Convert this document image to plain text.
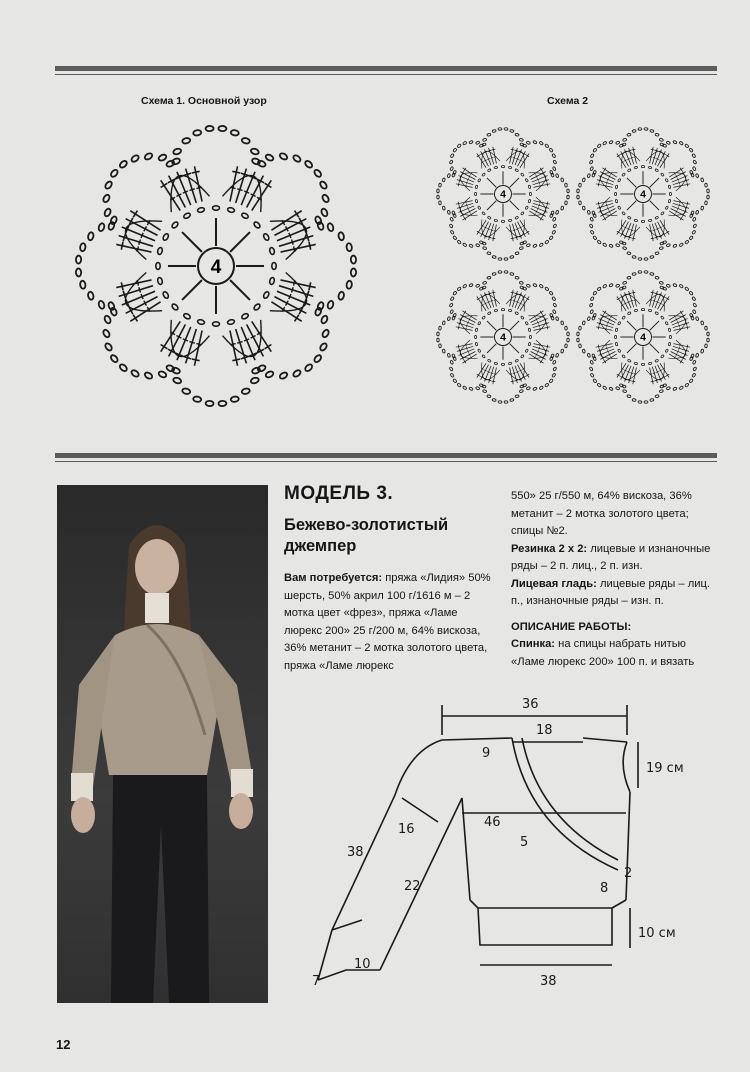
Схема 1. Основной узор	Схема 2
4
4	4
4	4
МОДЕЛЬ 3.
Бежево-золотистый джемпер

Вам потребуется: пряжа «Лидия» 50% шерсть, 50% акрил 100 г/1616 м – 2 мотка цвет «фрез», пряжа «Ламе люрекс 200» 25 г/200 м, 64% вискоза, 36% метанит – 2 мотка золотого цвета, пряжа «Ламе люрекс

550» 25 г/550 м, 64% вискоза, 36% метанит – 2 мотка золотого цвета; спицы №2.

Резинка 2 х 2: лицевые и изнаночные ряды – 2 п. лиц., 2 п. изн.

Лицевая гладь: лицевые ряды – лиц. п., изнаночные ряды – изн. п.

ОПИСАНИЕ РАБОТЫ:

Спинка: на спицы набрать нитью «Ламе люрекс 200» 100 п. и вязать

36
18
9
19 см
46
5
2
8
10 см
38
16
38
22
10
7
12
